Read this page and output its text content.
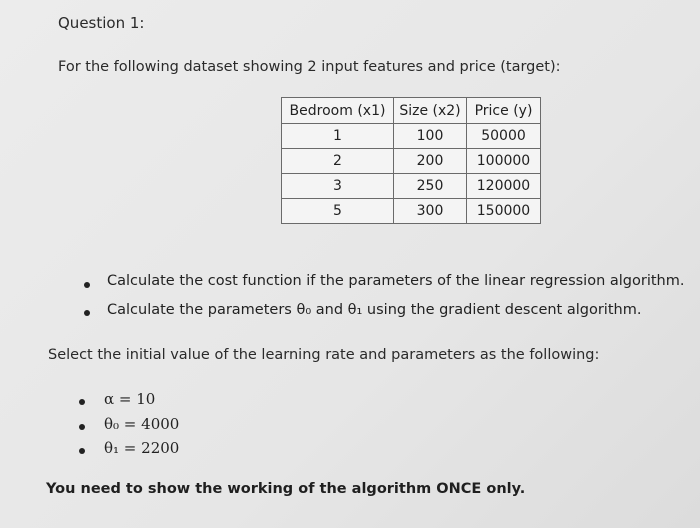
Question 1:
For the following dataset showing 2 input features and price (target):
Bedroom (x1)	Size (x2)	Price (y)
1	100	50000
2	200	100000
3	250	120000
5	300	150000
Calculate the cost function if the parameters of the linear regression algorithm.
Calculate the parameters θ₀ and θ₁ using the gradient descent algorithm.
Select the initial value of the learning rate and parameters as the following:
α = 10
θ₀ = 4000
θ₁ = 2200
You need to show the working of the algorithm ONCE only.
